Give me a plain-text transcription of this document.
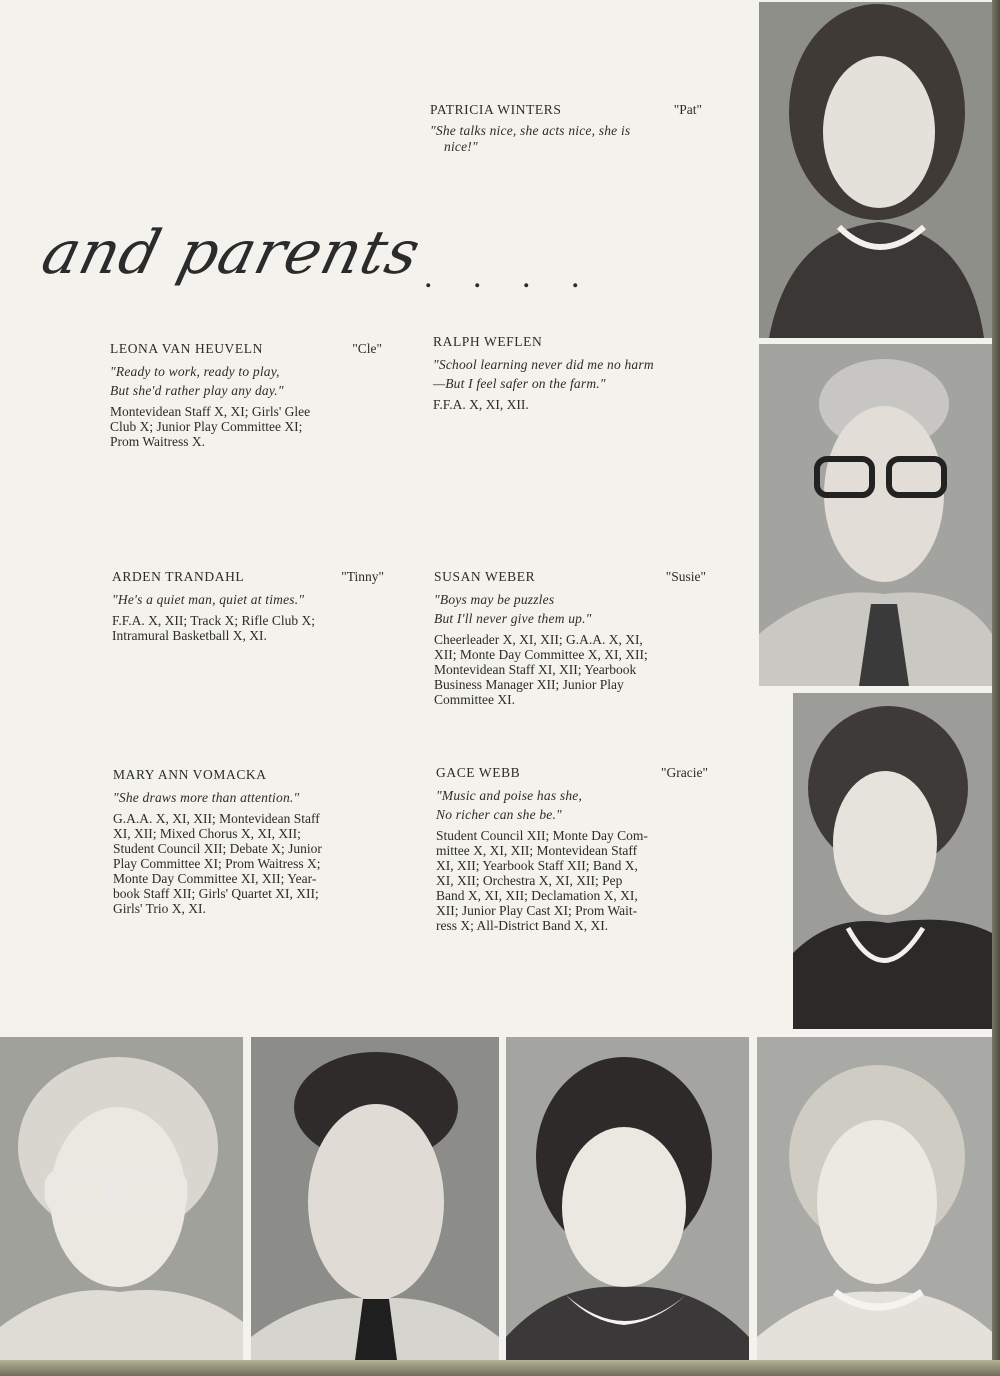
and parents
. . . .
PATRICIA WINTERS	"Pat"
"She talks nice, she acts nice, she is
nice!"
LEONA VAN HEUVELN	"Cle"
"Ready to work, ready to play,
But she'd rather play any day."
Montevidean Staff X, XI; Girls' Glee
Club X; Junior Play Committee XI;
Prom Waitress X.
RALPH WEFLEN
"School learning never did me no harm
—But I feel safer on the farm."
F.F.A. X, XI, XII.
ARDEN TRANDAHL	"Tinny"
"He's a quiet man, quiet at times."
F.F.A. X, XII; Track X; Rifle Club X;
Intramural Basketball X, XI.
SUSAN WEBER	"Susie"
"Boys may be puzzles
But I'll never give them up."
Cheerleader X, XI, XII; G.A.A. X, XI,
XII; Monte Day Committee X, XI, XII;
Montevidean Staff XI, XII; Yearbook
Business Manager XII; Junior Play
Committee XI.
MARY ANN VOMACKA
"She draws more than attention."
G.A.A. X, XI, XII; Montevidean Staff
XI, XII; Mixed Chorus X, XI, XII;
Student Council XII; Debate X; Junior
Play Committee XI; Prom Waitress X;
Monte Day Committee XI, XII; Year-
book Staff XII; Girls' Quartet XI, XII;
Girls' Trio X, XI.
GACE WEBB	"Gracie"
"Music and poise has she,
No richer can she be."
Student Council XII; Monte Day Com-
mittee X, XI, XII; Montevidean Staff
XI, XII; Yearbook Staff XII; Band X,
XI, XII; Orchestra X, XI, XII; Pep
Band X, XI, XII; Declamation X, XI,
XII; Junior Play Cast XI; Prom Wait-
ress X; All-District Band X, XI.
